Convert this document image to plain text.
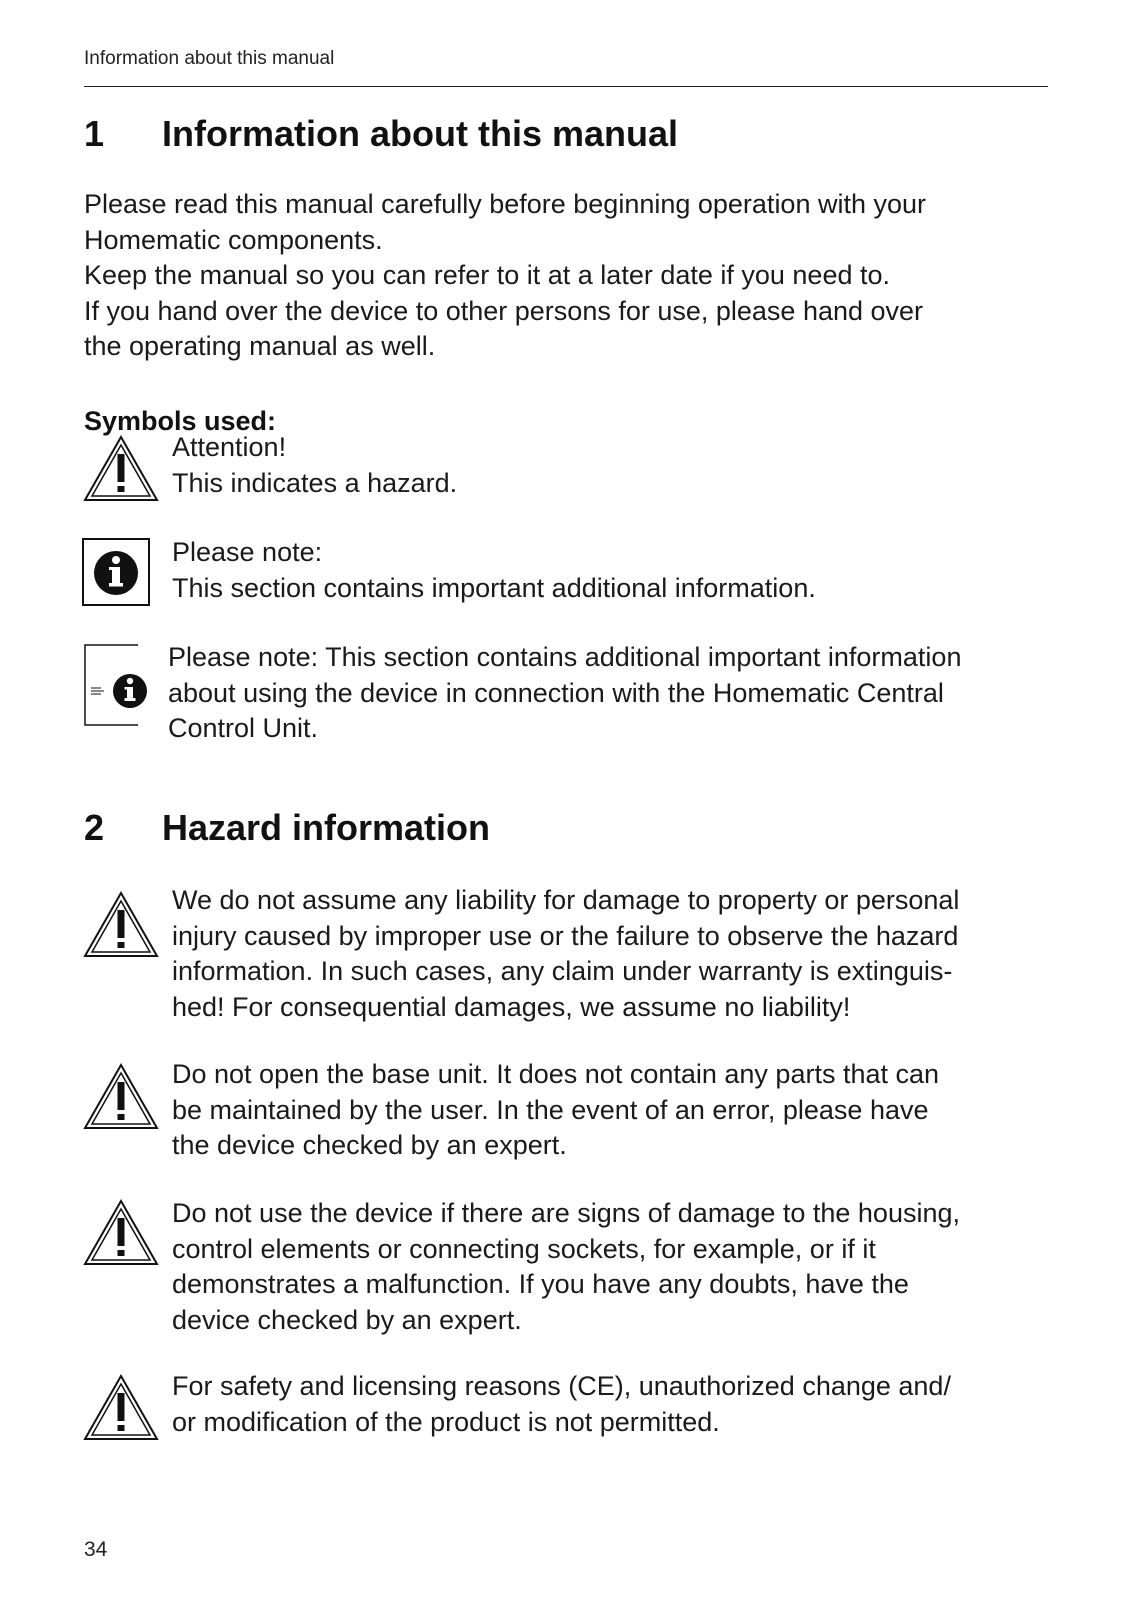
Information about this manual
1 Information about this manual

Please read this manual carefully before beginning operation with your
Homematic components.
Keep the manual so you can refer to it at a later date if you need to.
If you hand over the device to other persons for use, please hand over
the operating manual as well.

Symbols used:

Attention!
This indicates a hazard.

Please note:
This section contains important additional information.

Please note: This section contains additional important information
about using the device in connection with the Homematic Central
Control Unit.

2 Hazard information

We do not assume any liability for damage to property or personal
injury caused by improper use or the failure to observe the hazard
information. In such cases, any claim under warranty is extinguis-
hed! For consequential damages, we assume no liability!

Do not open the base unit. It does not contain any parts that can
be maintained by the user. In the event of an error, please have
the device checked by an expert.

Do not use the device if there are signs of damage to the housing,
control elements or connecting sockets, for example, or if it
demonstrates a malfunction. If you have any doubts, have the
device checked by an expert.

For safety and licensing reasons (CE), unauthorized change and/
or modification of the product is not permitted.

34
